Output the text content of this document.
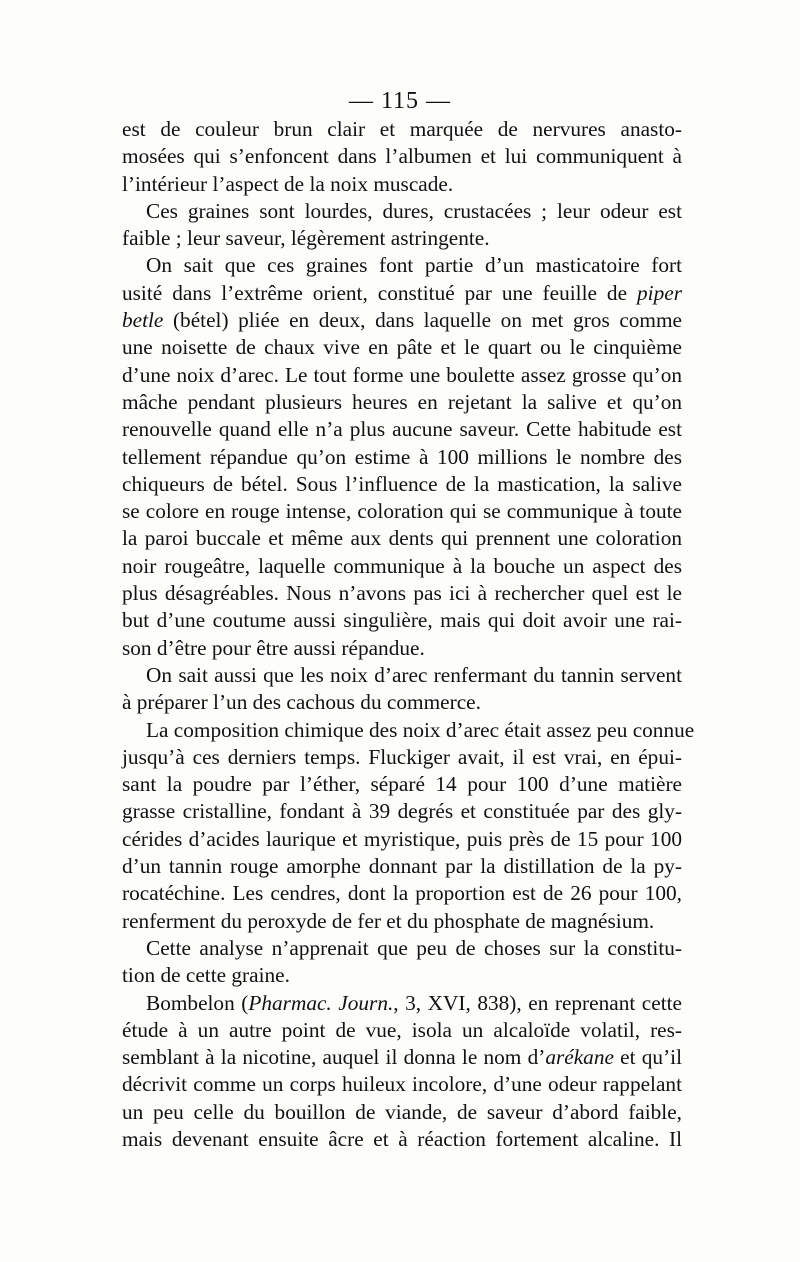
— 115 —

est de couleur brun clair et marquée de nervures anasto-
mosées qui s’enfoncent dans l’albumen et lui communiquent à
l’intérieur l’aspect de la noix muscade.

Ces graines sont lourdes, dures, crustacées ; leur odeur est
faible ; leur saveur, légèrement astringente.

On sait que ces graines font partie d’un masticatoire fort
usité dans l’extrême orient, constitué par une feuille de piper
betle (bétel) pliée en deux, dans laquelle on met gros comme
une noisette de chaux vive en pâte et le quart ou le cinquième
d’une noix d’arec. Le tout forme une boulette assez grosse qu’on
mâche pendant plusieurs heures en rejetant la salive et qu’on
renouvelle quand elle n’a plus aucune saveur. Cette habitude est
tellement répandue qu’on estime à 100 millions le nombre des
chiqueurs de bétel. Sous l’influence de la mastication, la salive
se colore en rouge intense, coloration qui se communique à toute
la paroi buccale et même aux dents qui prennent une coloration
noir rougeâtre, laquelle communique à la bouche un aspect des
plus désagréables. Nous n’avons pas ici à rechercher quel est le
but d’une coutume aussi singulière, mais qui doit avoir une rai-
son d’être pour être aussi répandue.

On sait aussi que les noix d’arec renfermant du tannin servent
à préparer l’un des cachous du commerce.

La composition chimique des noix d’arec était assez peu connue
jusqu’à ces derniers temps. Fluckiger avait, il est vrai, en épui-
sant la poudre par l’éther, séparé 14 pour 100 d’une matière
grasse cristalline, fondant à 39 degrés et constituée par des gly-
cérides d’acides laurique et myristique, puis près de 15 pour 100
d’un tannin rouge amorphe donnant par la distillation de la py-
rocatéchine. Les cendres, dont la proportion est de 26 pour 100,
renferment du peroxyde de fer et du phosphate de magnésium.

Cette analyse n’apprenait que peu de choses sur la constitu-
tion de cette graine.

Bombelon (Pharmac. Journ., 3, XVI, 838), en reprenant cette
étude à un autre point de vue, isola un alcaloïde volatil, res-
semblant à la nicotine, auquel il donna le nom d’arékane et qu’il
décrivit comme un corps huileux incolore, d’une odeur rappelant
un peu celle du bouillon de viande, de saveur d’abord faible,
mais devenant ensuite âcre et à réaction fortement alcaline. Il
